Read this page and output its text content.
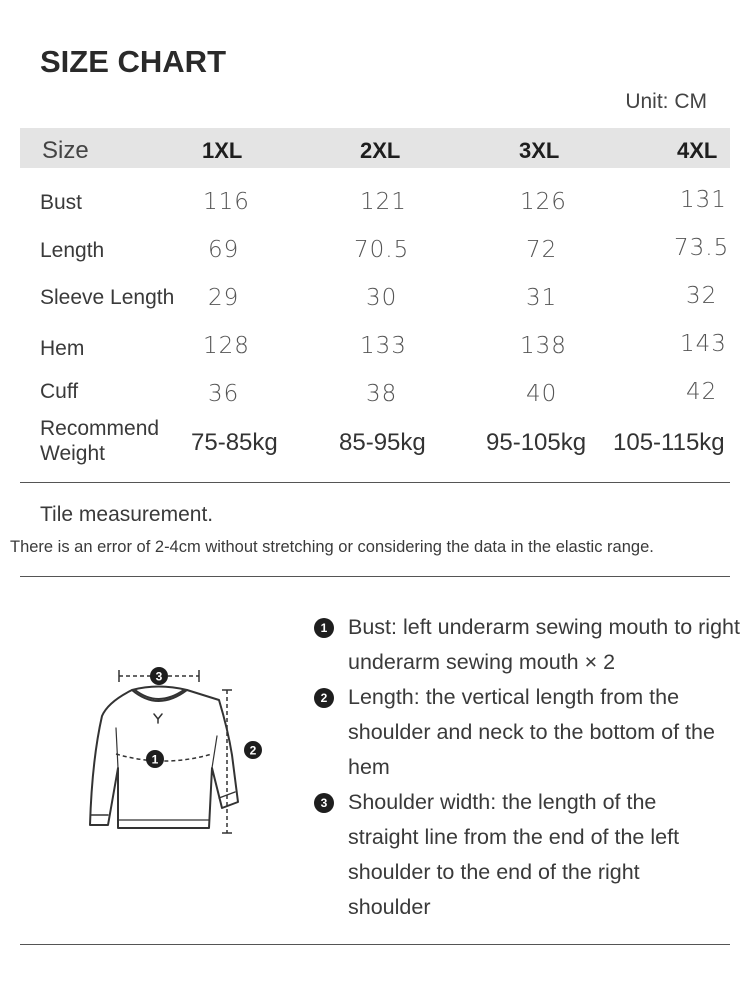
SIZE CHART
Unit: CM
Size	1XL	2XL	3XL	4XL
Bust	116	121	126	131
Length	69	70.5	72	73.5
Sleeve Length 29	30	31	32
Hem	128	133	138	143
Cuff	36	38	40	42
Recommend
Weight	75-85kg	85-95kg	95-105kg 105-115kg
Tile measurement.
There is an error of 2-4cm without stretching or considering the data in the elastic range.
3
1
2
1 Bust: left underarm sewing mouth to right underarm sewing mouth × 2
2 Length: the vertical length from the shoulder and neck to the bottom of the hem
3 Shoulder width: the length of the straight line from the end of the left shoulder to the end of the right shoulder
